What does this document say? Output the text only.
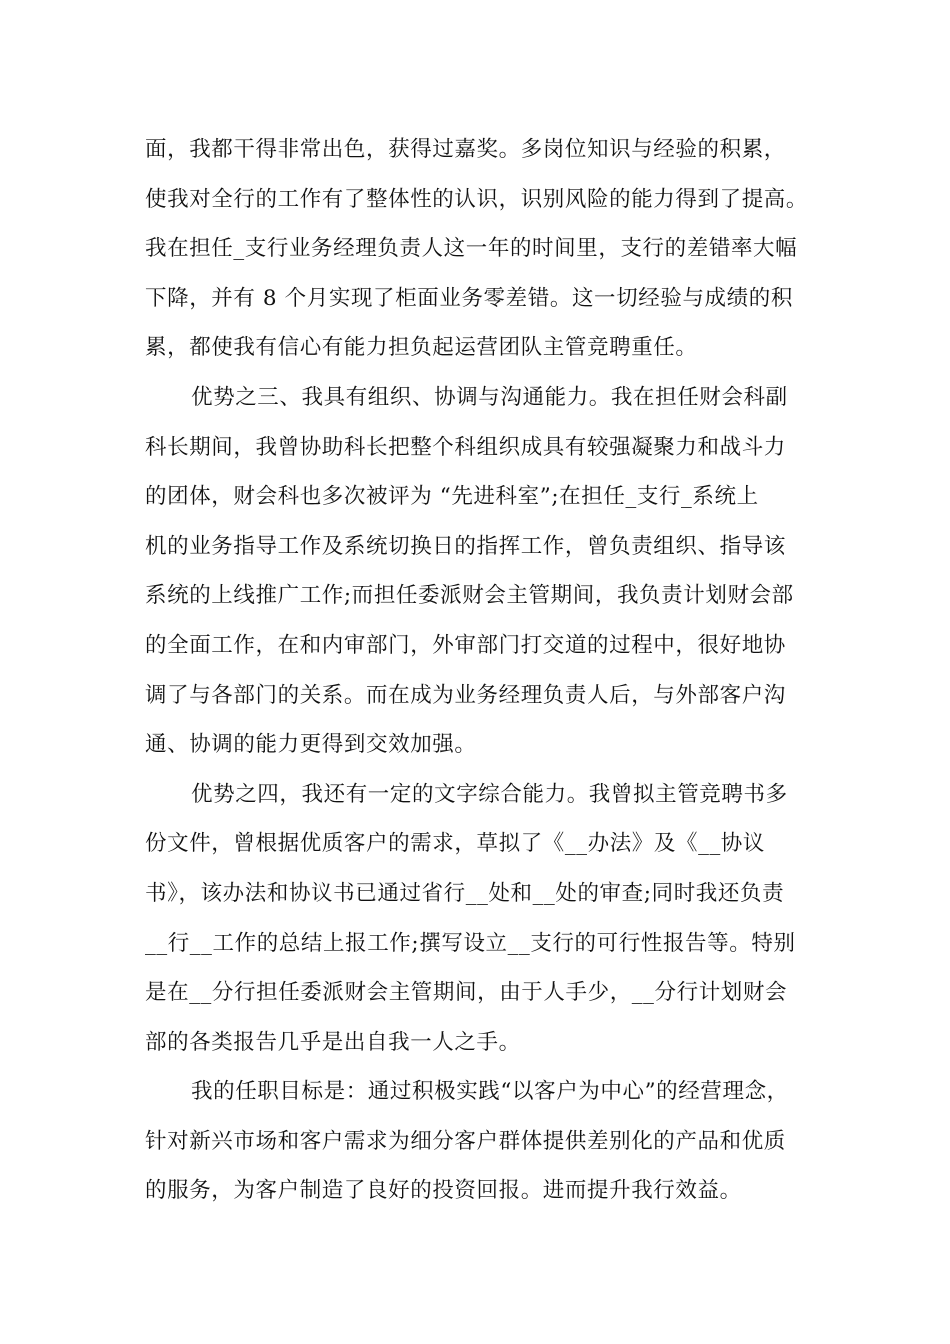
面，我都干得非常出色，获得过嘉奖。多岗位知识与经验的积累，
使我对全行的工作有了整体性的认识，识别风险的能力得到了提高。
我在担任_支行业务经理负责人这一年的时间里，支行的差错率大幅
下降，并有 8 个月实现了柜面业务零差错。这一切经验与成绩的积
累，都使我有信心有能力担负起运营团队主管竞聘重任。
优势之三、我具有组织、协调与沟通能力。我在担任财会科副
科长期间，我曾协助科长把整个科组织成具有较强凝聚力和战斗力
的团体，财会科也多次被评为 “先进科室”;在担任_支行_系统上
机的业务指导工作及系统切换日的指挥工作，曾负责组织、指导该
系统的上线推广工作;而担任委派财会主管期间，我负责计划财会部
的全面工作，在和内审部门，外审部门打交道的过程中，很好地协
调了与各部门的关系。而在成为业务经理负责人后，与外部客户沟
通、协调的能力更得到交效加强。
优势之四，我还有一定的文字综合能力。我曾拟主管竞聘书多
份文件，曾根据优质客户的需求，草拟了《__办法》及《__协议
书》，该办法和协议书已通过省行__处和__处的审查;同时我还负责
__行__工作的总结上报工作;撰写设立__支行的可行性报告等。特别
是在__分行担任委派财会主管期间，由于人手少，__分行计划财会
部的各类报告几乎是出自我一人之手。
我的任职目标是：通过积极实践“以客户为中心”的经营理念，
针对新兴市场和客户需求为细分客户群体提供差别化的产品和优质
的服务，为客户制造了良好的投资回报。进而提升我行效益。
